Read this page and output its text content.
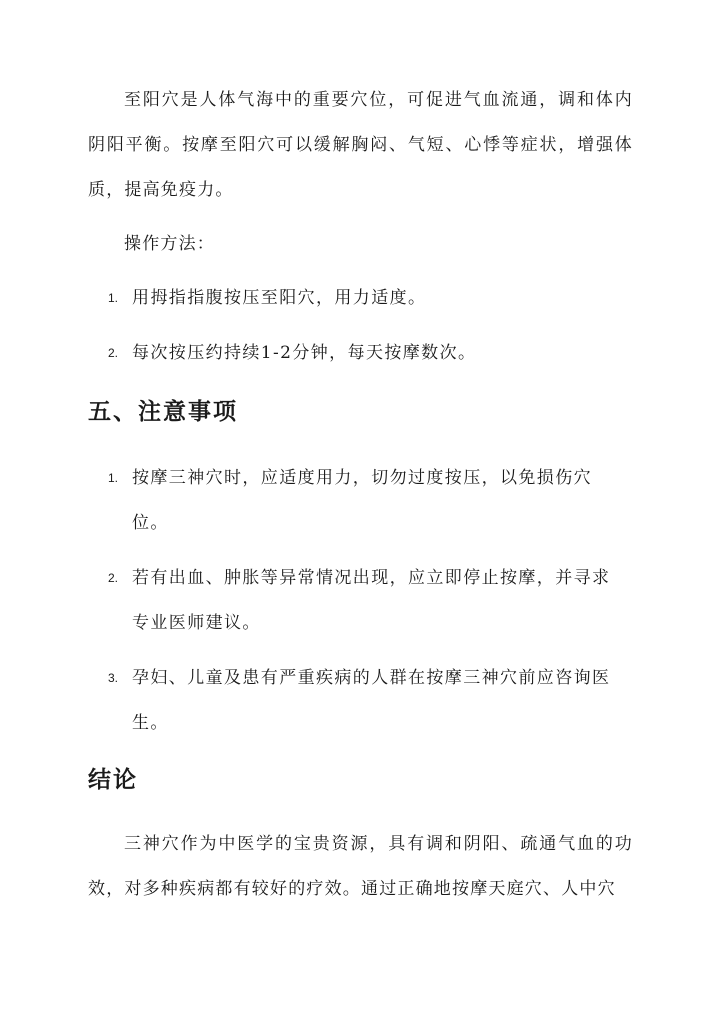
至阳穴是人体气海中的重要穴位，可促进气血流通，调和体内阴阳平衡。按摩至阳穴可以缓解胸闷、气短、心悸等症状，增强体质，提高免疫力。

操作方法：

1. 用拇指指腹按压至阳穴，用力适度。
2. 每次按压约持续1-2分钟，每天按摩数次。
五、注意事项
1. 按摩三神穴时，应适度用力，切勿过度按压，以免损伤穴位。
2. 若有出血、肿胀等异常情况出现，应立即停止按摩，并寻求专业医师建议。
3. 孕妇、儿童及患有严重疾病的人群在按摩三神穴前应咨询医生。
结论

三神穴作为中医学的宝贵资源，具有调和阴阳、疏通气血的功效，对多种疾病都有较好的疗效。通过正确地按摩天庭穴、人中穴
